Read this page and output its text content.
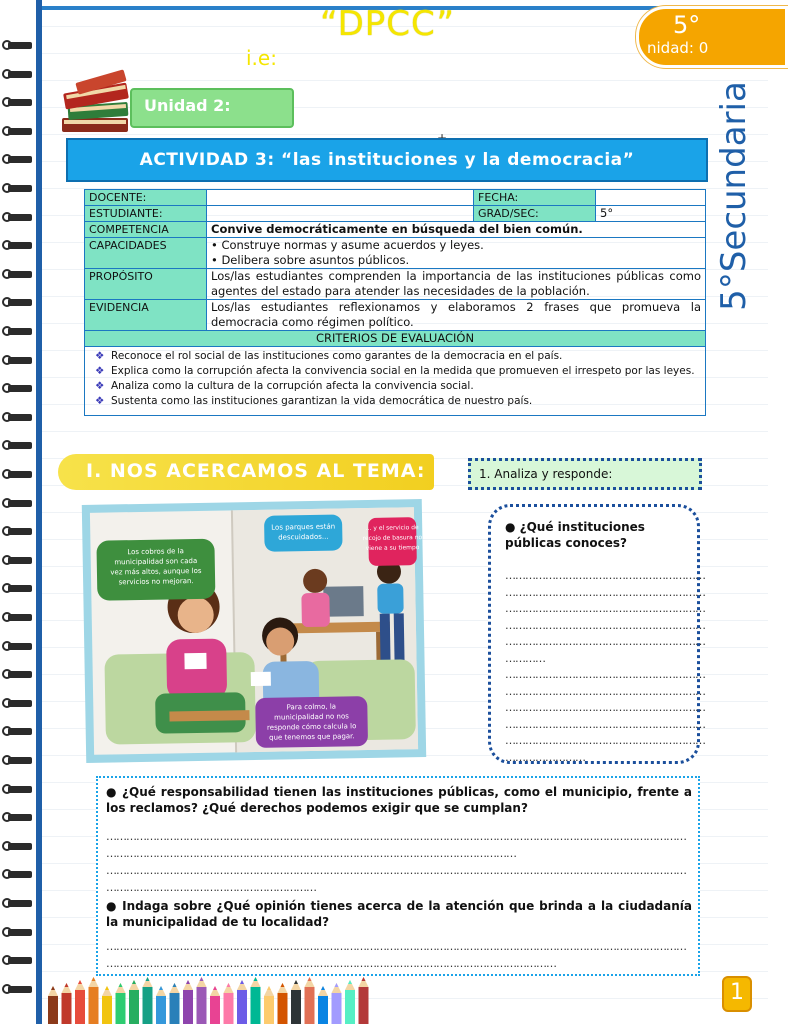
“DPCC”
i.e:
5°
nidad: 0
Unidad 2:	5°Secundaria
ACTIVIDAD 3: “las instituciones y la democracia”
DOCENTE:		FECHA:	
ESTUDIANTE:		GRAD/SEC:	5°
COMPETENCIA	Convive democráticamente en búsqueda del bien común.		
CAPACIDADES	• Construye normas y asume acuerdos y leyes.
• Delibera sobre asuntos públicos.		

PROPÓSITO	Los/las estudiantes comprenden la importancia de las instituciones públicas como agentes del estado para atender las necesidades de la población.		
EVIDENCIA	Los/las estudiantes reflexionamos y elaboramos 2 frases que promueva la democracia como régimen político.		
CRITERIOS DE EVALUACIÓN			

❖ Reconoce el rol social de las instituciones como garantes de la democracia en el país.
❖ Explica como la corrupción afecta la convivencia social en la medida que promueven el irrespeto por las leyes.
❖ Analiza como la cultura de la corrupción afecta la convivencia social.
❖ Sustenta como las instituciones garantizan la vida democrática de nuestro país.			
I. NOS ACERCAMOS AL TEMA:	1. Analiza y responde:
Los cobros de la
municipalidad son cada
vez más altos, aunque los
servicios no mejoran.
Los parques están
descuidados...
... y el servicio de
recojo de basura no
viene a su tiempo
Para colmo, la
municipalidad no nos
responde cómo calcula lo
que tenemos que pagar.
● ¿Qué instituciones públicas conoces?
……………………………………………………
……………………………………………………
……………………………………………………
……………………………………………………
……………………………………………………
…………
……………………………………………………
……………………………………………………
……………………………………………………
……………………………………………………
……………………………………………………
……………………
● ¿Qué responsabilidad tienen las instituciones públicas, como el municipio, frente a los reclamos? ¿Qué derechos podemos exigir que se cumplan?
…………………………………………………………………………………………………………………………………………………………
……………………………………………………………………………………………………………
…………………………………………………………………………………………………………………………………………………………
………………………………………………………
● Indaga sobre ¿Qué opinión tienes acerca de la atención que brinda a la ciudadanía la municipalidad de tu localidad?
…………………………………………………………………………………………………………………………………………………………
………………………………………………………………………………………………………………………
1
